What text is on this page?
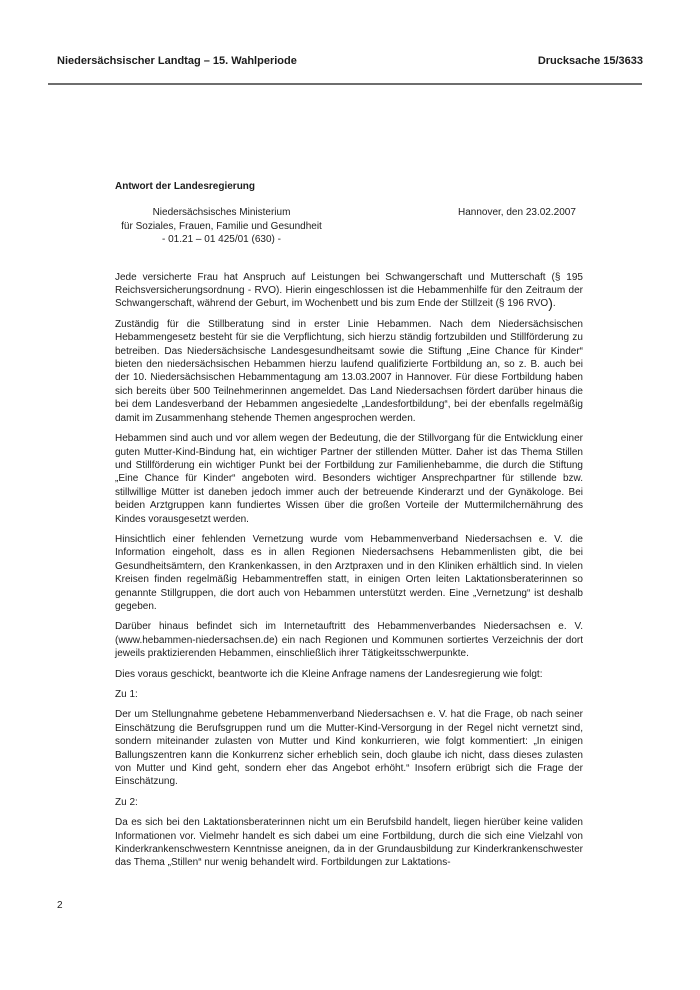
Niedersächsischer Landtag – 15. Wahlperiode	Drucksache 15/3633

Antwort der Landesregierung

Niedersächsisches Ministerium
für Soziales, Frauen, Familie und Gesundheit
- 01.21 – 01 425/01 (630) -
Hannover, den 23.02.2007

Jede versicherte Frau hat Anspruch auf Leistungen bei Schwangerschaft und Mutterschaft (§ 195 Reichsversicherungsordnung - RVO). Hierin eingeschlossen ist die Hebammenhilfe für den Zeitraum der Schwangerschaft, während der Geburt, im Wochenbett und bis zum Ende der Stillzeit (§ 196 RVO).

Zuständig für die Stillberatung sind in erster Linie Hebammen. Nach dem Niedersächsischen Hebammengesetz besteht für sie die Verpflichtung, sich hierzu ständig fortzubilden und Stillförderung zu betreiben. Das Niedersächsische Landesgesundheitsamt sowie die Stiftung „Eine Chance für Kinder“ bieten den niedersächsischen Hebammen hierzu laufend qualifizierte Fortbildung an, so z. B. auch bei der 10. Niedersächsischen Hebammentagung am 13.03.2007 in Hannover. Für diese Fortbildung haben sich bereits über 500 Teilnehmerinnen angemeldet. Das Land Niedersachsen fördert darüber hinaus die bei dem Landesverband der Hebammen angesiedelte „Landesfortbildung“, bei der ebenfalls regelmäßig damit im Zusammenhang stehende Themen angesprochen werden.

Hebammen sind auch und vor allem wegen der Bedeutung, die der Stillvorgang für die Entwicklung einer guten Mutter-Kind-Bindung hat, ein wichtiger Partner der stillenden Mütter. Daher ist das Thema Stillen und Stillförderung ein wichtiger Punkt bei der Fortbildung zur Familienhebamme, die durch die Stiftung „Eine Chance für Kinder“ angeboten wird. Besonders wichtiger Ansprechpartner für stillende bzw. stillwillige Mütter ist daneben jedoch immer auch der betreuende Kinderarzt und der Gynäkologe. Bei beiden Arztgruppen kann fundiertes Wissen über die großen Vorteile der Muttermilchernährung des Kindes vorausgesetzt werden.

Hinsichtlich einer fehlenden Vernetzung wurde vom Hebammenverband Niedersachsen e. V. die Information eingeholt, dass es in allen Regionen Niedersachsens Hebammenlisten gibt, die bei Gesundheitsämtern, den Krankenkassen, in den Arztpraxen und in den Kliniken erhältlich sind. In vielen Kreisen finden regelmäßig Hebammentreffen statt, in einigen Orten leiten Laktationsberaterinnen so genannte Stillgruppen, die dort auch von Hebammen unterstützt werden. Eine „Vernetzung“ ist deshalb gegeben.

Darüber hinaus befindet sich im Internetauftritt des Hebammenverbandes Niedersachsen e. V. (www.hebammen-niedersachsen.de) ein nach Regionen und Kommunen sortiertes Verzeichnis der dort jeweils praktizierenden Hebammen, einschließlich ihrer Tätigkeitsschwerpunkte.

Dies voraus geschickt, beantworte ich die Kleine Anfrage namens der Landesregierung wie folgt:

Zu 1:

Der um Stellungnahme gebetene Hebammenverband Niedersachsen e. V. hat die Frage, ob nach seiner Einschätzung die Berufsgruppen rund um die Mutter-Kind-Versorgung in der Regel nicht vernetzt sind, sondern miteinander zulasten von Mutter und Kind konkurrieren, wie folgt kommentiert: „In einigen Ballungszentren kann die Konkurrenz sicher erheblich sein, doch glaube ich nicht, dass dieses zulasten von Mutter und Kind geht, sondern eher das Angebot erhöht.“ Insofern erübrigt sich die Frage der Einschätzung.

Zu 2:

Da es sich bei den Laktationsberaterinnen nicht um ein Berufsbild handelt, liegen hierüber keine validen Informationen vor. Vielmehr handelt es sich dabei um eine Fortbildung, durch die sich eine Vielzahl von Kinderkrankenschwestern Kenntnisse aneignen, da in der Grundausbildung zur Kinderkrankenschwester das Thema „Stillen“ nur wenig behandelt wird. Fortbildungen zur Laktations-

2
